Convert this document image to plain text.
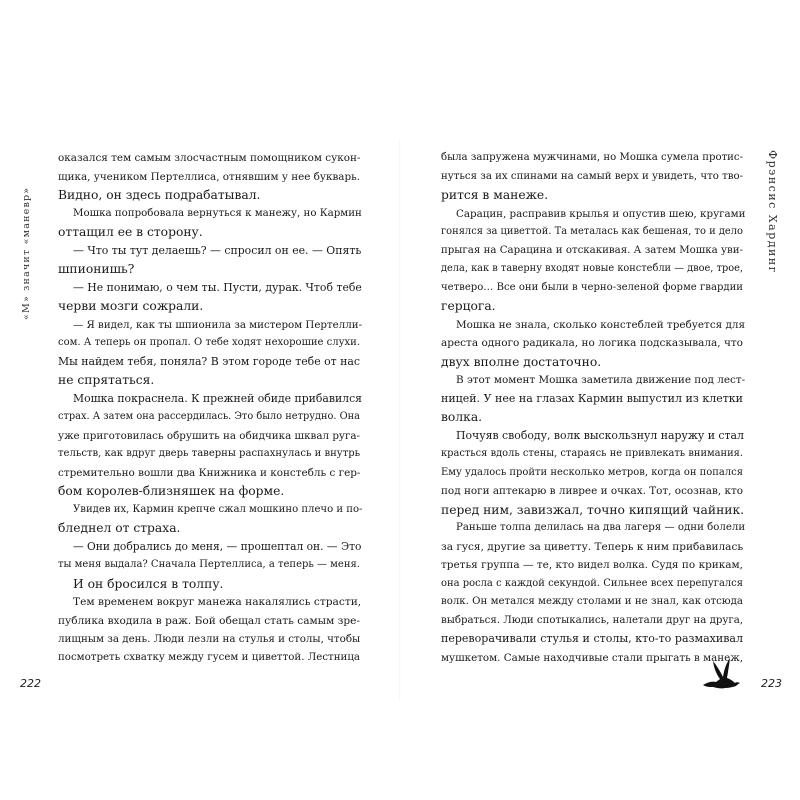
«М» значит «маневр»
оказался тем самым злосчастным помощником сукон-
щика, учеником Пертеллиса, отнявшим у нее букварь.
Видно, он здесь подрабатывал.
Мошка попробовала вернуться к манежу, но Кармин
оттащил ее в сторону.
— Что ты тут делаешь? — спросил он ее. — Опять
шпионишь?
— Не понимаю, о чем ты. Пусти, дурак. Чтоб тебе
черви мозги сожрали.
— Я видел, как ты шпионила за мистером Пертелли-
сом. А теперь он пропал. О тебе ходят нехорошие слухи.
Мы найдем тебя, поняла? В этом городе тебе от нас
не спрятаться.
Мошка покраснела. К прежней обиде прибавился
страх. А затем она рассердилась. Это было нетрудно. Она
уже приготовилась обрушить на обидчика шквал руга-
тельств, как вдруг дверь таверны распахнулась и внутрь
стремительно вошли два Книжника и констебль с гер-
бом королев-близняшек на форме.
Увидев их, Кармин крепче сжал мошкино плечо и по-
бледнел от страха.
— Они добрались до меня, — прошептал он. — Это
ты меня выдала? Сначала Пертеллиса, а теперь — меня.
И он бросился в толпу.
Тем временем вокруг манежа накалялись страсти,
публика входила в раж. Бой обещал стать самым зре-
лищным за день. Люди лезли на стулья и столы, чтобы
посмотреть схватку между гусем и циветтой. Лестница
222
была запружена мужчинами, но Мошка сумела протис-
нуться за их спинами на самый верх и увидеть, что тво-
рится в манеже.
Сарацин, расправив крылья и опустив шею, кругами
гонялся за циветтой. Та металась как бешеная, то и дело
прыгая на Сарацина и отскакивая. А затем Мошка уви-
дела, как в таверну входят новые констебли — двое, трое,
четверо… Все они были в черно-зеленой форме гвардии
герцога.
Мошка не знала, сколько констеблей требуется для
ареста одного радикала, но логика подсказывала, что
двух вполне достаточно.
В этот момент Мошка заметила движение под лест-
ницей. У нее на глазах Кармин выпустил из клетки
волка.
Почуяв свободу, волк выскользнул наружу и стал
красться вдоль стены, стараясь не привлекать внимания.
Ему удалось пройти несколько метров, когда он попался
под ноги аптекарю в ливрее и очках. Тот, осознав, кто
перед ним, завизжал, точно кипящий чайник.
Раньше толпа делилась на два лагеря — одни болели
за гуся, другие за циветту. Теперь к ним прибавилась
третья группа — те, кто видел волка. Судя по крикам,
она росла с каждой секундой. Сильнее всех перепугался
волк. Он метался между столами и не знал, как отсюда
выбраться. Люди спотыкались, налетали друг на друга,
переворачивали стулья и столы, кто-то размахивал
мушкетом. Самые находчивые стали прыгать в манеж,
Фрэнсис Хардинг
223
